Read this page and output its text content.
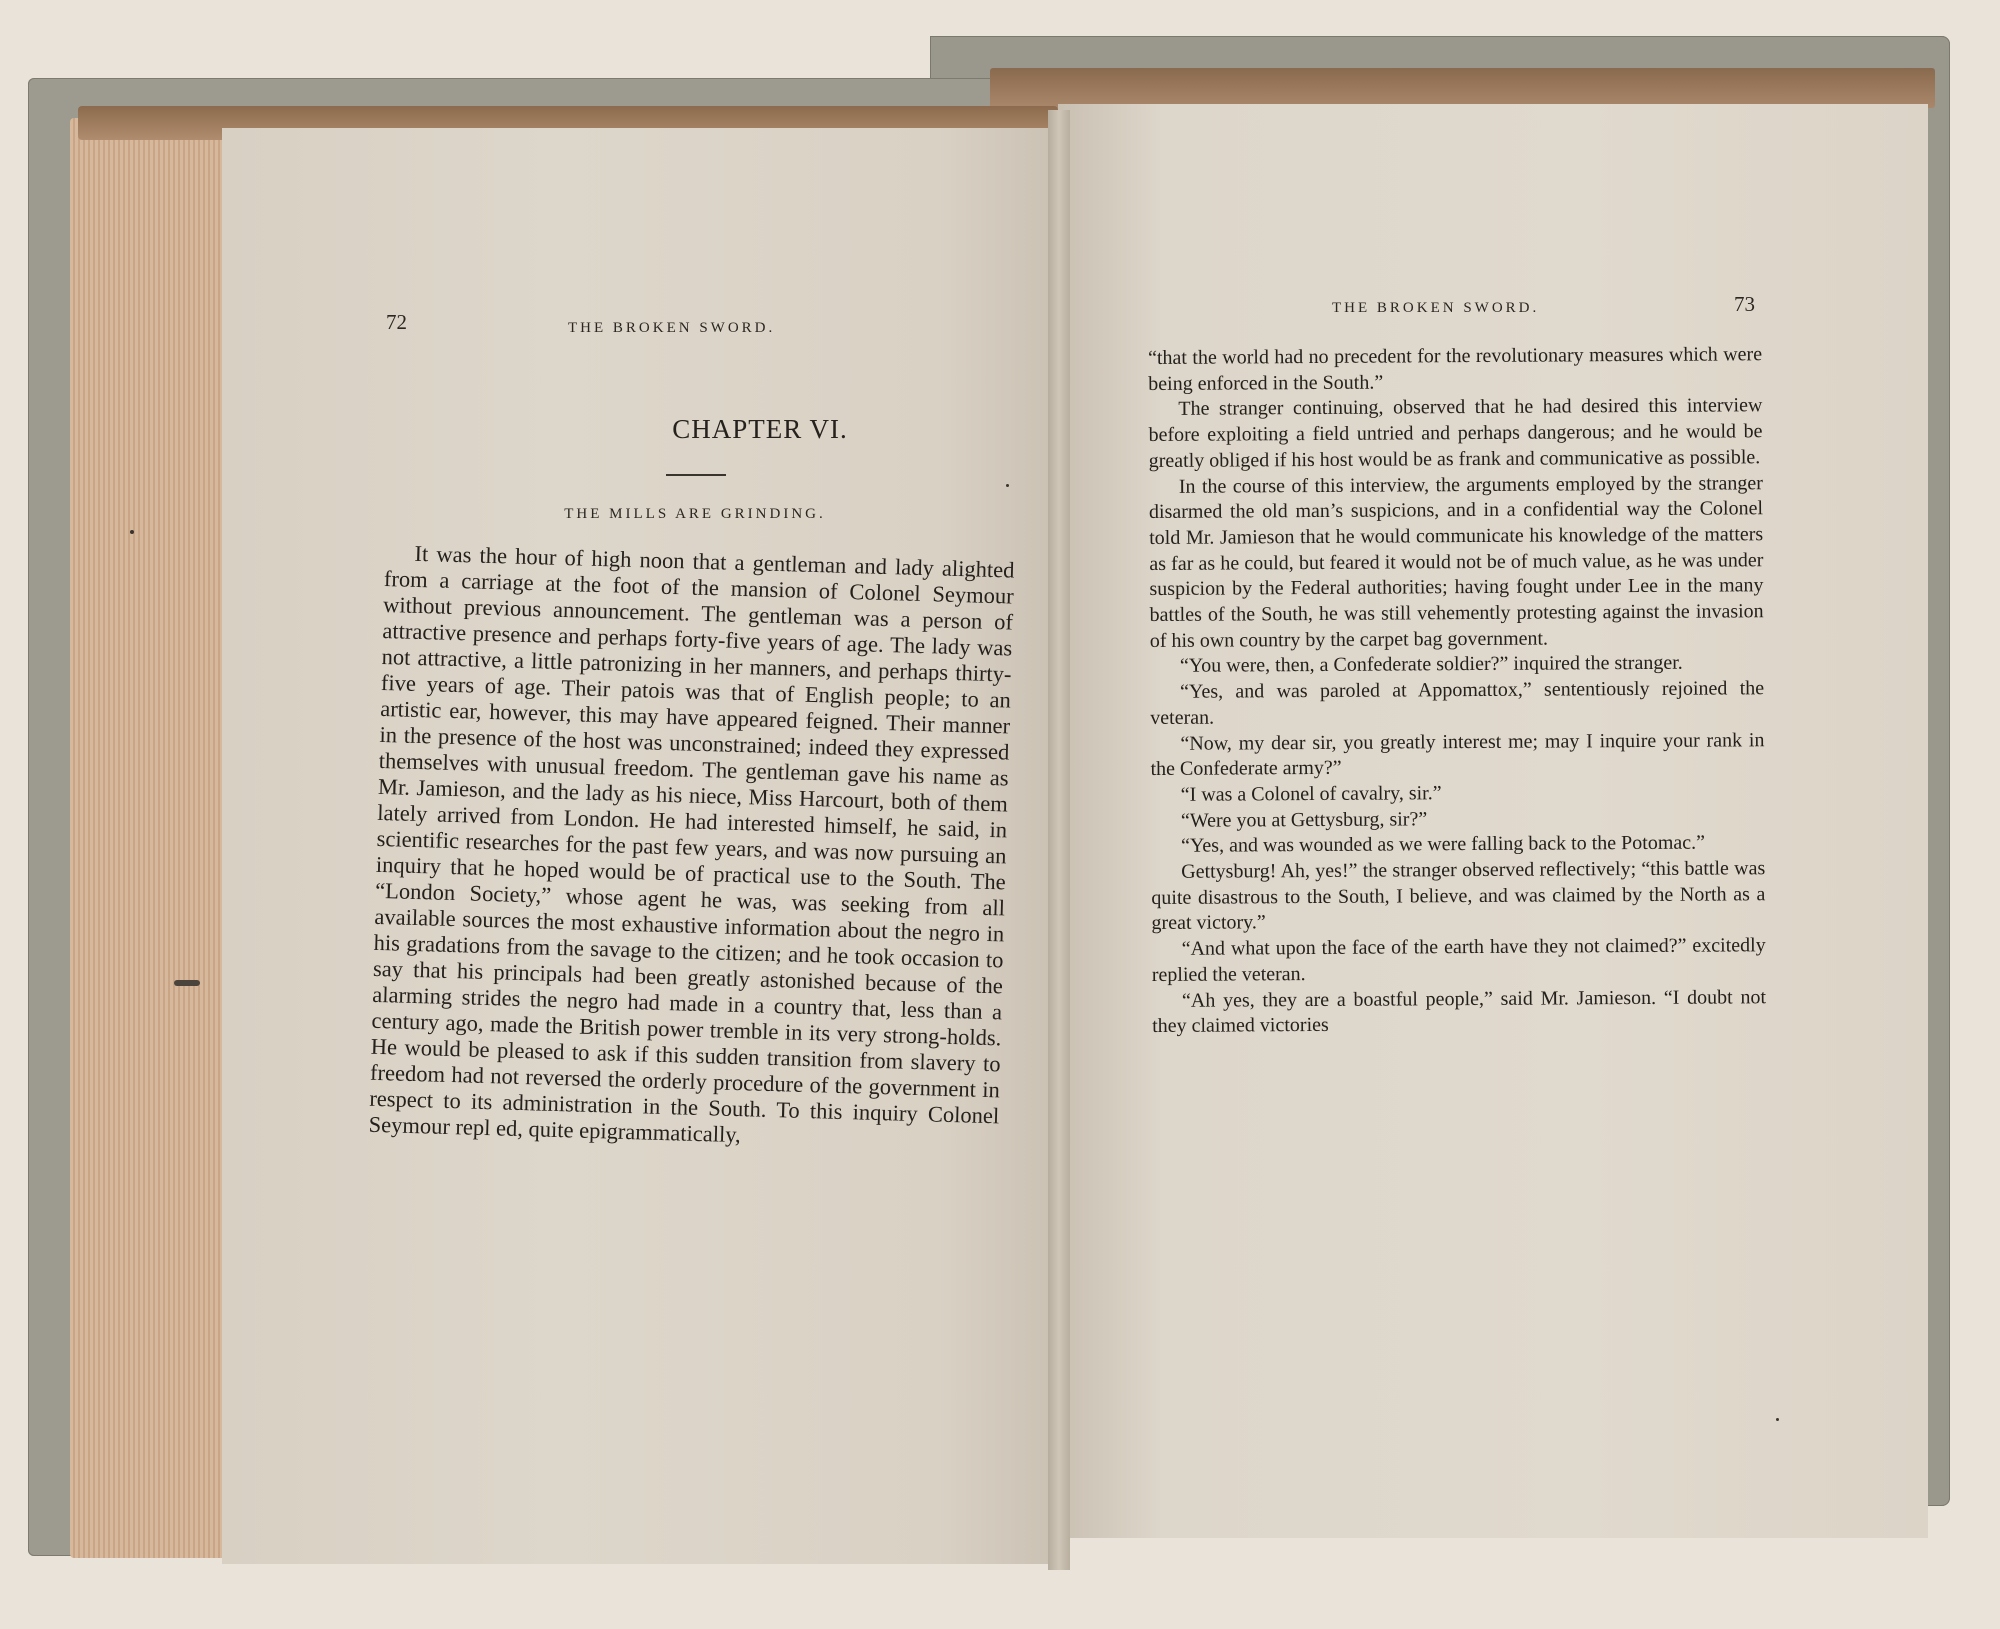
72	THE BROKEN SWORD.
CHAPTER VI.
THE MILLS ARE GRINDING.

It was the hour of high noon that a gentleman and lady alighted from a carriage at the foot of the mansion of Colonel Seymour without previous announcement. The gentleman was a person of attractive presence and perhaps forty-five years of age. The lady was not attractive, a little patronizing in her manners, and perhaps thirty-five years of age. Their patois was that of English people; to an artistic ear, however, this may have appeared feigned. Their manner in the presence of the host was unconstrained; indeed they expressed themselves with unusual freedom. The gentleman gave his name as Mr. Jamieson, and the lady as his niece, Miss Harcourt, both of them lately arrived from London. He had interested himself, he said, in scientific researches for the past few years, and was now pursuing an inquiry that he hoped would be of practical use to the South. The “London Society,” whose agent he was, was seeking from all available sources the most exhaustive information about the negro in his gradations from the savage to the citizen; and he took occasion to say that his principals had been greatly astonished because of the alarming strides the negro had made in a country that, less than a century ago, made the British power tremble in its very strong-holds. He would be pleased to ask if this sudden transition from slavery to freedom had not reversed the orderly procedure of the government in respect to its administration in the South. To this inquiry Colonel Seymour repl ed, quite epigrammatically,

THE BROKEN SWORD.	73

“that the world had no precedent for the revolutionary measures which were being enforced in the South.”

The stranger continuing, observed that he had desired this interview before exploiting a field untried and perhaps dangerous; and he would be greatly obliged if his host would be as frank and communicative as possible.

In the course of this interview, the arguments employed by the stranger disarmed the old man’s suspicions, and in a confidential way the Colonel told Mr. Jamieson that he would communicate his knowledge of the matters as far as he could, but feared it would not be of much value, as he was under suspicion by the Federal authorities; having fought under Lee in the many battles of the South, he was still vehemently protesting against the invasion of his own country by the carpet bag government.

“You were, then, a Confederate soldier?” inquired the stranger.

“Yes, and was paroled at Appomattox,” sententiously rejoined the veteran.

“Now, my dear sir, you greatly interest me; may I inquire your rank in the Confederate army?”

“I was a Colonel of cavalry, sir.”

“Were you at Gettysburg, sir?”

“Yes, and was wounded as we were falling back to the Potomac.”

Gettysburg! Ah, yes!” the stranger observed reflectively; “this battle was quite disastrous to the South, I believe, and was claimed by the North as a great victory.”

“And what upon the face of the earth have they not claimed?” excitedly replied the veteran.

“Ah yes, they are a boastful people,” said Mr. Jamieson. “I doubt not they claimed victories
